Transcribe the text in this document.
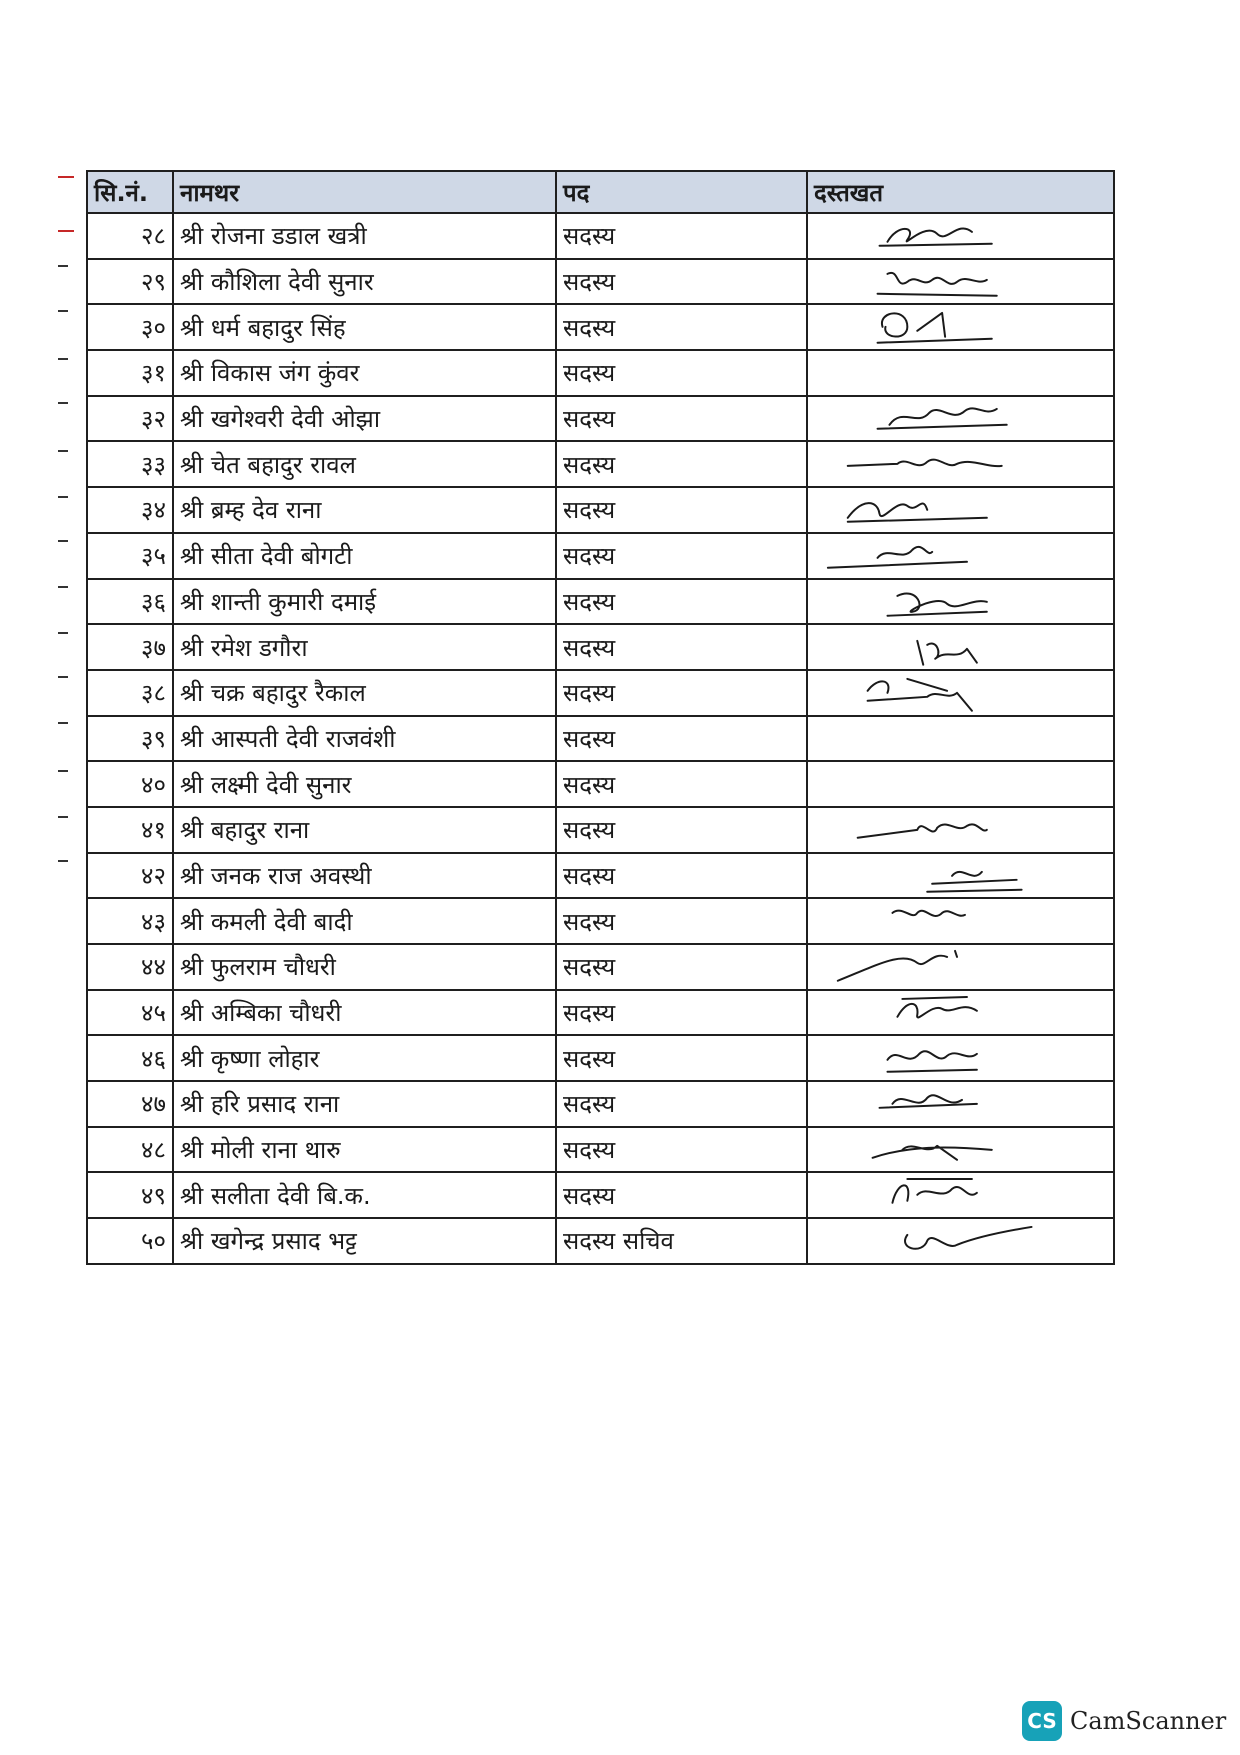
सि.नं.	नामथर	पद	दस्तखत
२८	श्री रोजना डडाल खत्री	सदस्य	

२९	श्री कौशिला देवी सुनार	सदस्य	

३०	श्री धर्म बहादुर सिंह	सदस्य	

३१	श्री विकास जंग कुंवर	सदस्य	
३२	श्री खगेश्वरी देवी ओझा	सदस्य	

३३	श्री चेत बहादुर रावल	सदस्य	

३४	श्री ब्रम्ह देव राना	सदस्य	

३५	श्री सीता देवी बोगटी	सदस्य	

३६	श्री शान्ती कुमारी दमाई	सदस्य	

३७	श्री रमेश डगौरा	सदस्य	

३८	श्री चक्र बहादुर रैकाल	सदस्य	

३९	श्री आस्पती देवी राजवंशी	सदस्य	
४०	श्री लक्ष्मी देवी सुनार	सदस्य	
४१	श्री बहादुर राना	सदस्य	

४२	श्री जनक राज अवस्थी	सदस्य	

४३	श्री कमली देवी बादी	सदस्य	

४४	श्री फुलराम चौधरी	सदस्य	

४५	श्री अम्बिका चौधरी	सदस्य	

४६	श्री कृष्णा लोहार	सदस्य	

४७	श्री हरि प्रसाद राना	सदस्य	

४८	श्री मोली राना थारु	सदस्य	

४९	श्री सलीता देवी बि.क.	सदस्य	

५०	श्री खगेन्द्र प्रसाद भट्ट	सदस्य सचिव	
CS CamScanner
